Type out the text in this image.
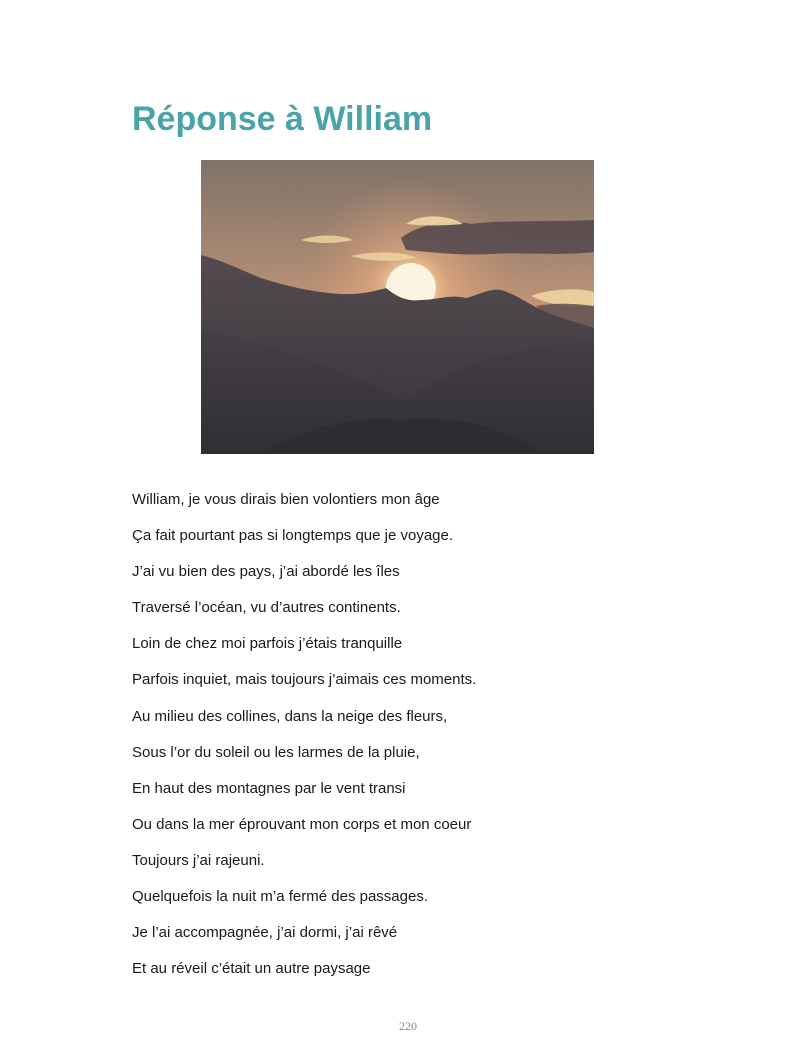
Réponse à William
William, je vous dirais bien volontiers mon âge
Ça fait pourtant pas si longtemps que je voyage.
J’ai vu bien des pays, j’ai abordé les îles
Traversé l’océan, vu d’autres continents.
Loin de chez moi parfois j’étais tranquille
Parfois inquiet, mais toujours j’aimais ces moments.
Au milieu des collines, dans la neige des fleurs,
Sous l’or du soleil ou les larmes de la pluie,
En haut des montagnes par le vent transi
Ou dans la mer éprouvant mon corps et mon coeur
Toujours j’ai rajeuni.
Quelquefois la nuit m’a fermé des passages.
Je l’ai accompagnée, j’ai dormi, j’ai rêvé
Et au réveil c’était un autre paysage
220
